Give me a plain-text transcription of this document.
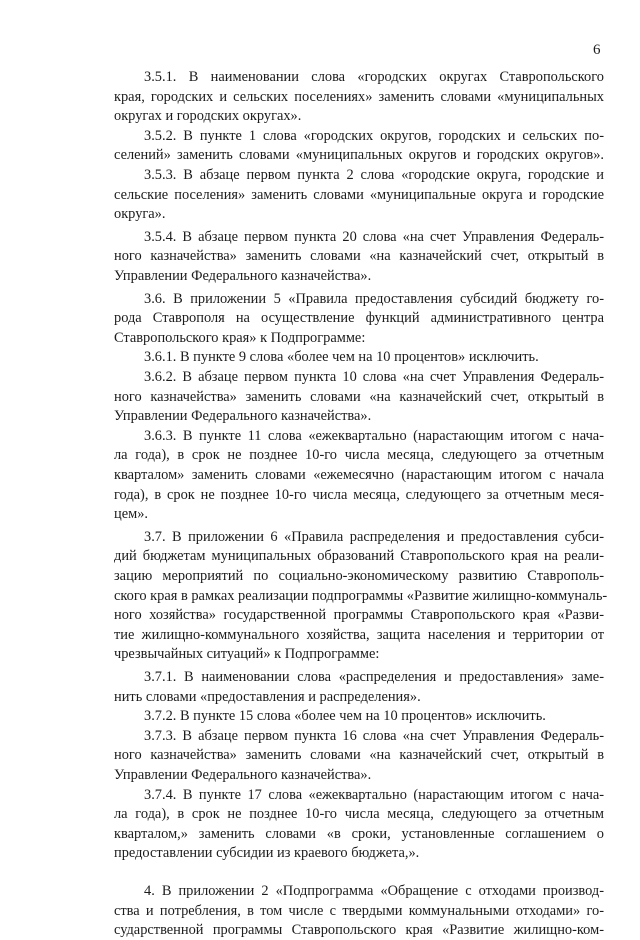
6
3.5.1. В наименовании слова «городских округах Ставропольского
края, городских и сельских поселениях» заменить словами «муниципальных
округах и городских округах».
3.5.2. В пункте 1 слова «городских округов, городских и сельских по-
селений» заменить словами «муниципальных округов и городских округов».
3.5.3. В абзаце первом пункта 2 слова «городские округа, городские и
сельские поселения» заменить словами «муниципальные округа и городские
округа».
3.5.4. В абзаце первом пункта 20 слова «на счет Управления Федераль-
ного казначейства» заменить словами «на казначейский счет, открытый в
Управлении Федерального казначейства».
3.6. В приложении 5 «Правила предоставления субсидий бюджету го-
рода Ставрополя на осуществление функций административного центра
Ставропольского края» к Подпрограмме:
3.6.1. В пункте 9 слова «более чем на 10 процентов» исключить.
3.6.2. В абзаце первом пункта 10 слова «на счет Управления Федераль-
ного казначейства» заменить словами «на казначейский счет, открытый в
Управлении Федерального казначейства».
3.6.3. В пункте 11 слова «ежеквартально (нарастающим итогом с нача-
ла года), в срок не позднее 10-го числа месяца, следующего за отчетным
кварталом» заменить словами «ежемесячно (нарастающим итогом с начала
года), в срок не позднее 10-го числа месяца, следующего за отчетным меся-
цем».
3.7. В приложении 6 «Правила распределения и предоставления субси-
дий бюджетам муниципальных образований Ставропольского края на реали-
зацию мероприятий по социально-экономическому развитию Ставрополь-
ского края в рамках реализации подпрограммы «Развитие жилищно-коммуналь-
ного хозяйства» государственной программы Ставропольского края «Разви-
тие жилищно-коммунального хозяйства, защита населения и территории от
чрезвычайных ситуаций» к Подпрограмме:
3.7.1. В наименовании слова «распределения и предоставления» заме-
нить словами «предоставления и распределения».
3.7.2. В пункте 15 слова «более чем на 10 процентов» исключить.
3.7.3. В абзаце первом пункта 16 слова «на счет Управления Федераль-
ного казначейства» заменить словами «на казначейский счет, открытый в
Управлении Федерального казначейства».
3.7.4. В пункте 17 слова «ежеквартально (нарастающим итогом с нача-
ла года), в срок не позднее 10-го числа месяца, следующего за отчетным
кварталом,» заменить словами «в сроки, установленные соглашением о
предоставлении субсидии из краевого бюджета,».
4. В приложении 2 «Подпрограмма «Обращение с отходами производ-
ства и потребления, в том числе с твердыми коммунальными отходами» го-
сударственной программы Ставропольского края «Развитие жилищно-ком-
